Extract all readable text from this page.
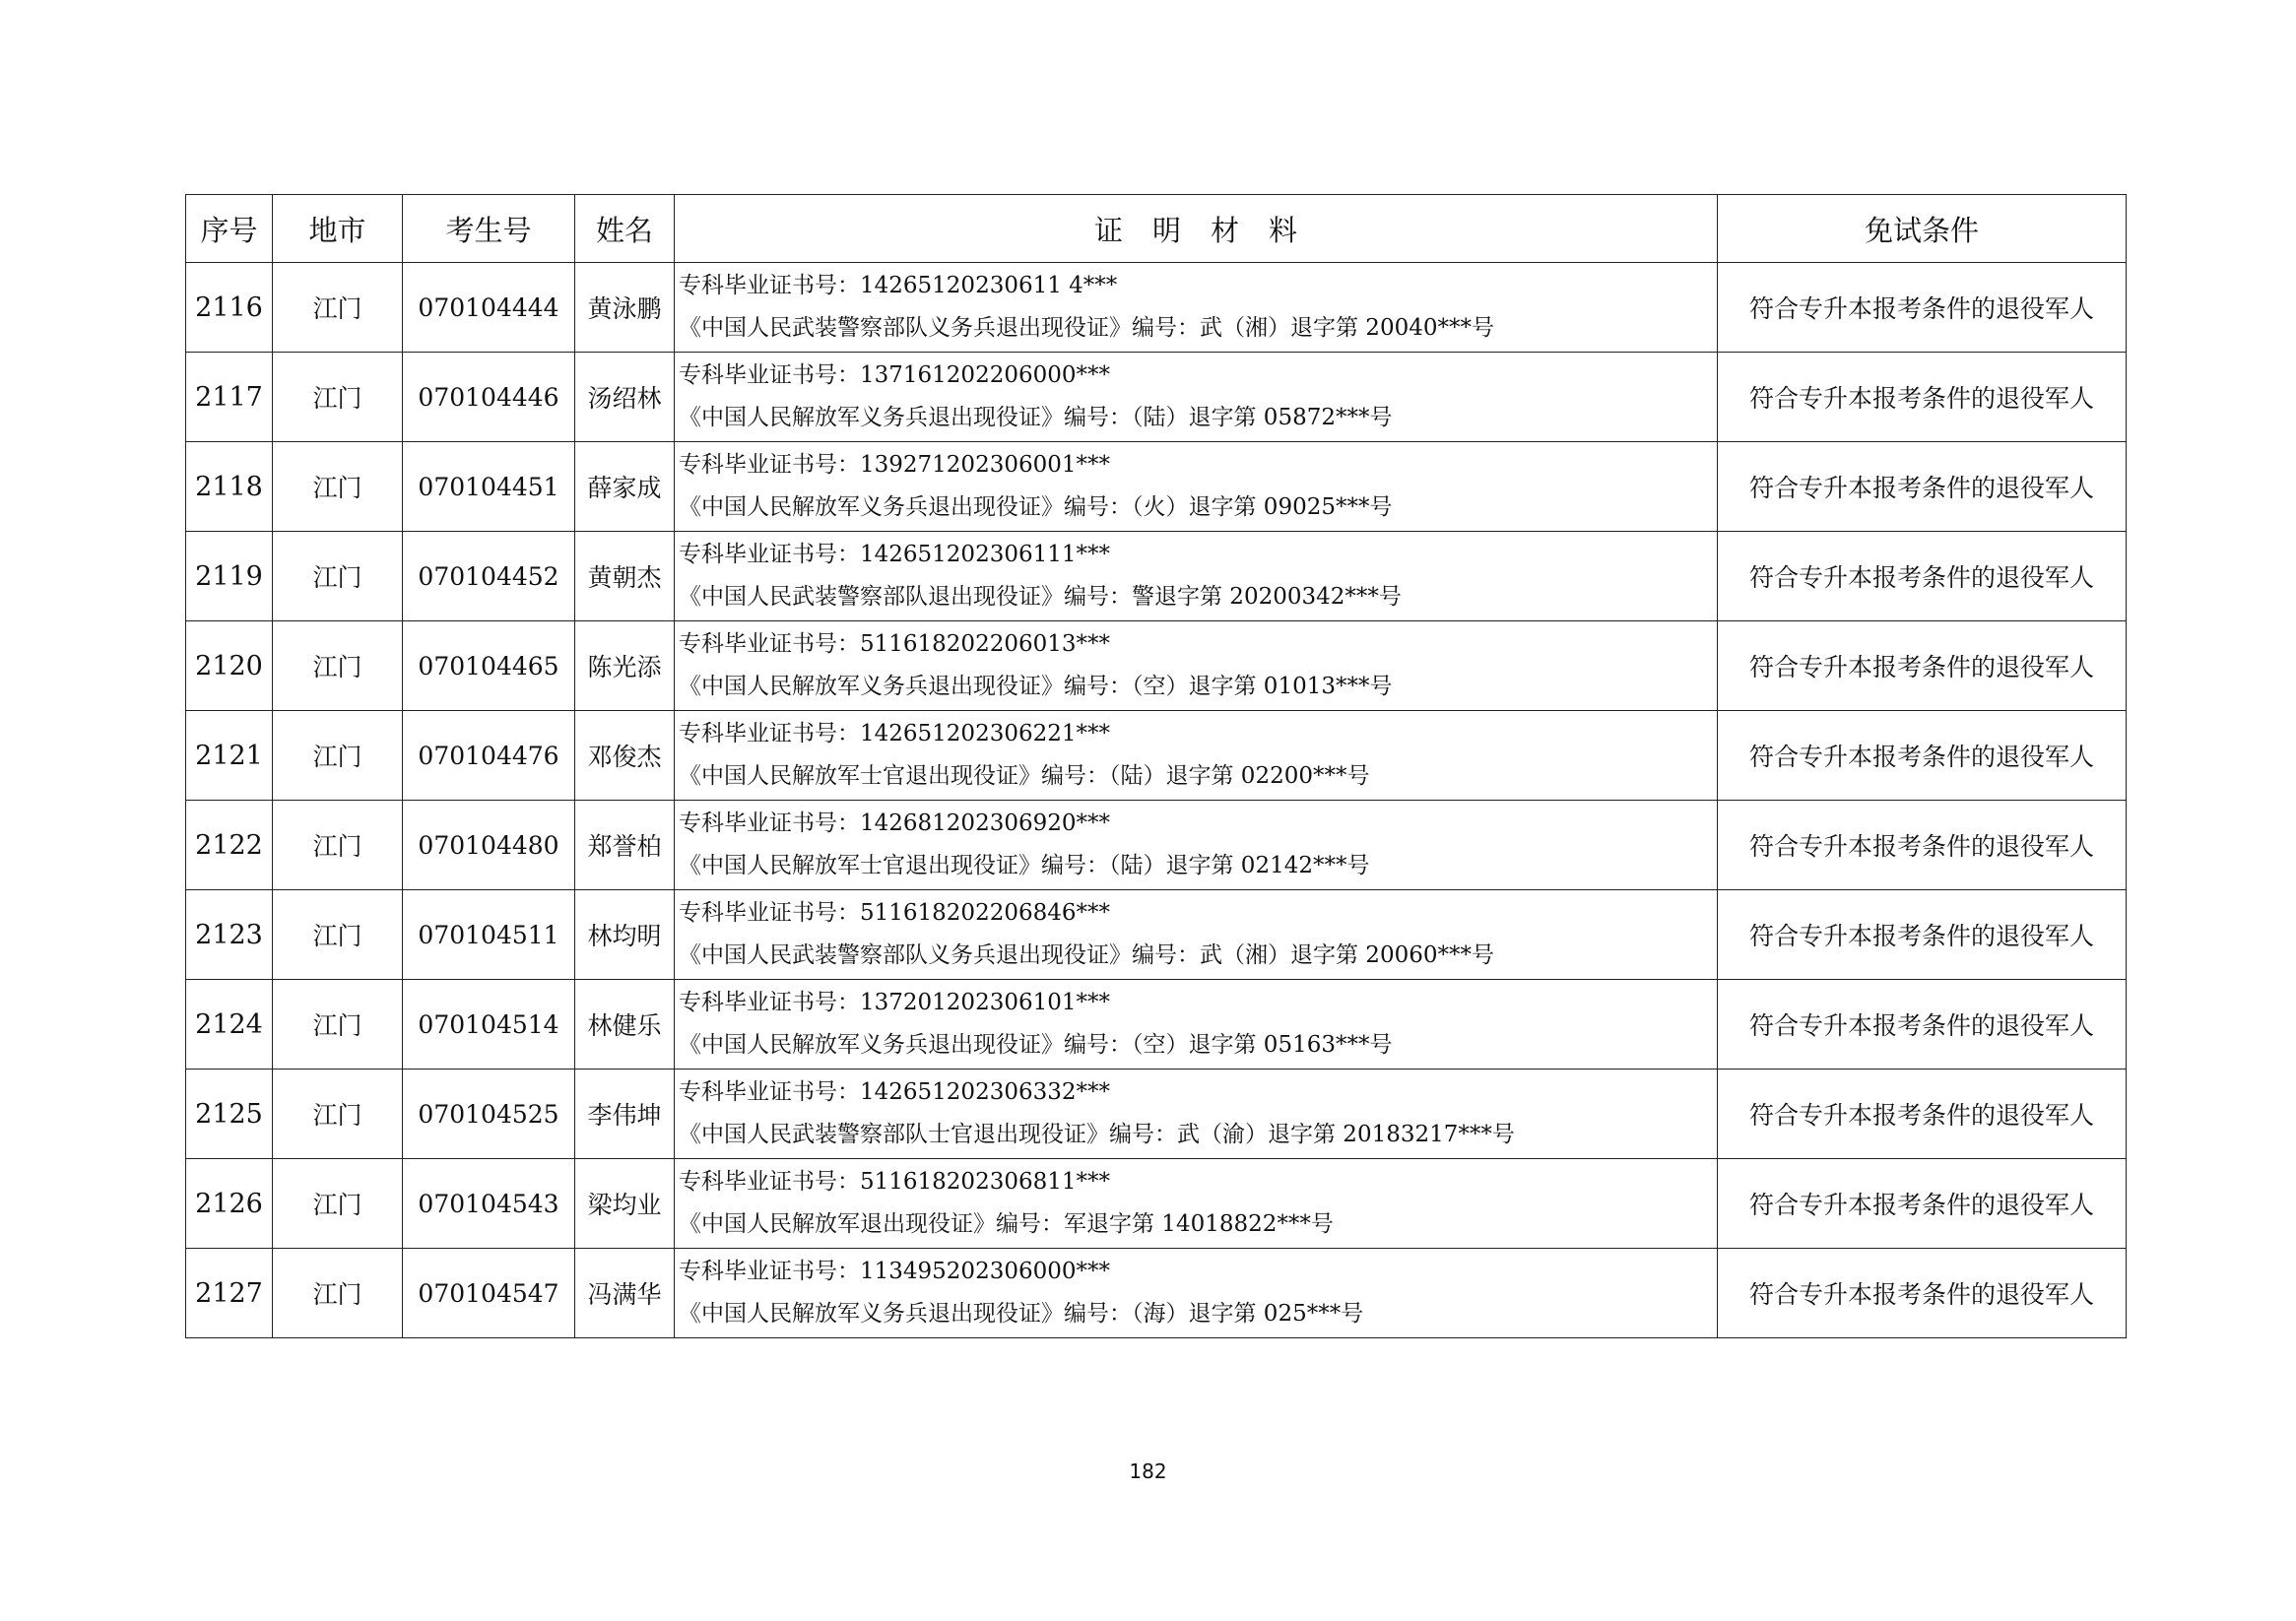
序号	地市	考生号	姓名	证明材料	免试条件
2116	江门	070104444	黄泳鹏	专科毕业证书号：14265120230611 4***
《中国人民武装警察部队义务兵退出现役证》编号：武（湘）退字第 20040***号	符合专升本报考条件的退役军人
2117	江门	070104446	汤绍林	专科毕业证书号：137161202206000***
《中国人民解放军义务兵退出现役证》编号：（陆）退字第 05872***号	符合专升本报考条件的退役军人
2118	江门	070104451	薛家成	专科毕业证书号：139271202306001***
《中国人民解放军义务兵退出现役证》编号：（火）退字第 09025***号	符合专升本报考条件的退役军人
2119	江门	070104452	黄朝杰	专科毕业证书号：142651202306111***
《中国人民武装警察部队退出现役证》编号：警退字第 20200342***号	符合专升本报考条件的退役军人
2120	江门	070104465	陈光添	专科毕业证书号：511618202206013***
《中国人民解放军义务兵退出现役证》编号：（空）退字第 01013***号	符合专升本报考条件的退役军人
2121	江门	070104476	邓俊杰	专科毕业证书号：142651202306221***
《中国人民解放军士官退出现役证》编号：（陆）退字第 02200***号	符合专升本报考条件的退役军人
2122	江门	070104480	郑誉柏	专科毕业证书号：142681202306920***
《中国人民解放军士官退出现役证》编号：（陆）退字第 02142***号	符合专升本报考条件的退役军人
2123	江门	070104511	林均明	专科毕业证书号：511618202206846***
《中国人民武装警察部队义务兵退出现役证》编号：武（湘）退字第 20060***号	符合专升本报考条件的退役军人
2124	江门	070104514	林健乐	专科毕业证书号：137201202306101***
《中国人民解放军义务兵退出现役证》编号：（空）退字第 05163***号	符合专升本报考条件的退役军人
2125	江门	070104525	李伟坤	专科毕业证书号：142651202306332***
《中国人民武装警察部队士官退出现役证》编号：武（渝）退字第 20183217***号	符合专升本报考条件的退役军人
2126	江门	070104543	梁均业	专科毕业证书号：511618202306811***
《中国人民解放军退出现役证》编号：军退字第 14018822***号	符合专升本报考条件的退役军人
2127	江门	070104547	冯满华	专科毕业证书号：113495202306000***
《中国人民解放军义务兵退出现役证》编号：（海）退字第 025***号	符合专升本报考条件的退役军人
182
